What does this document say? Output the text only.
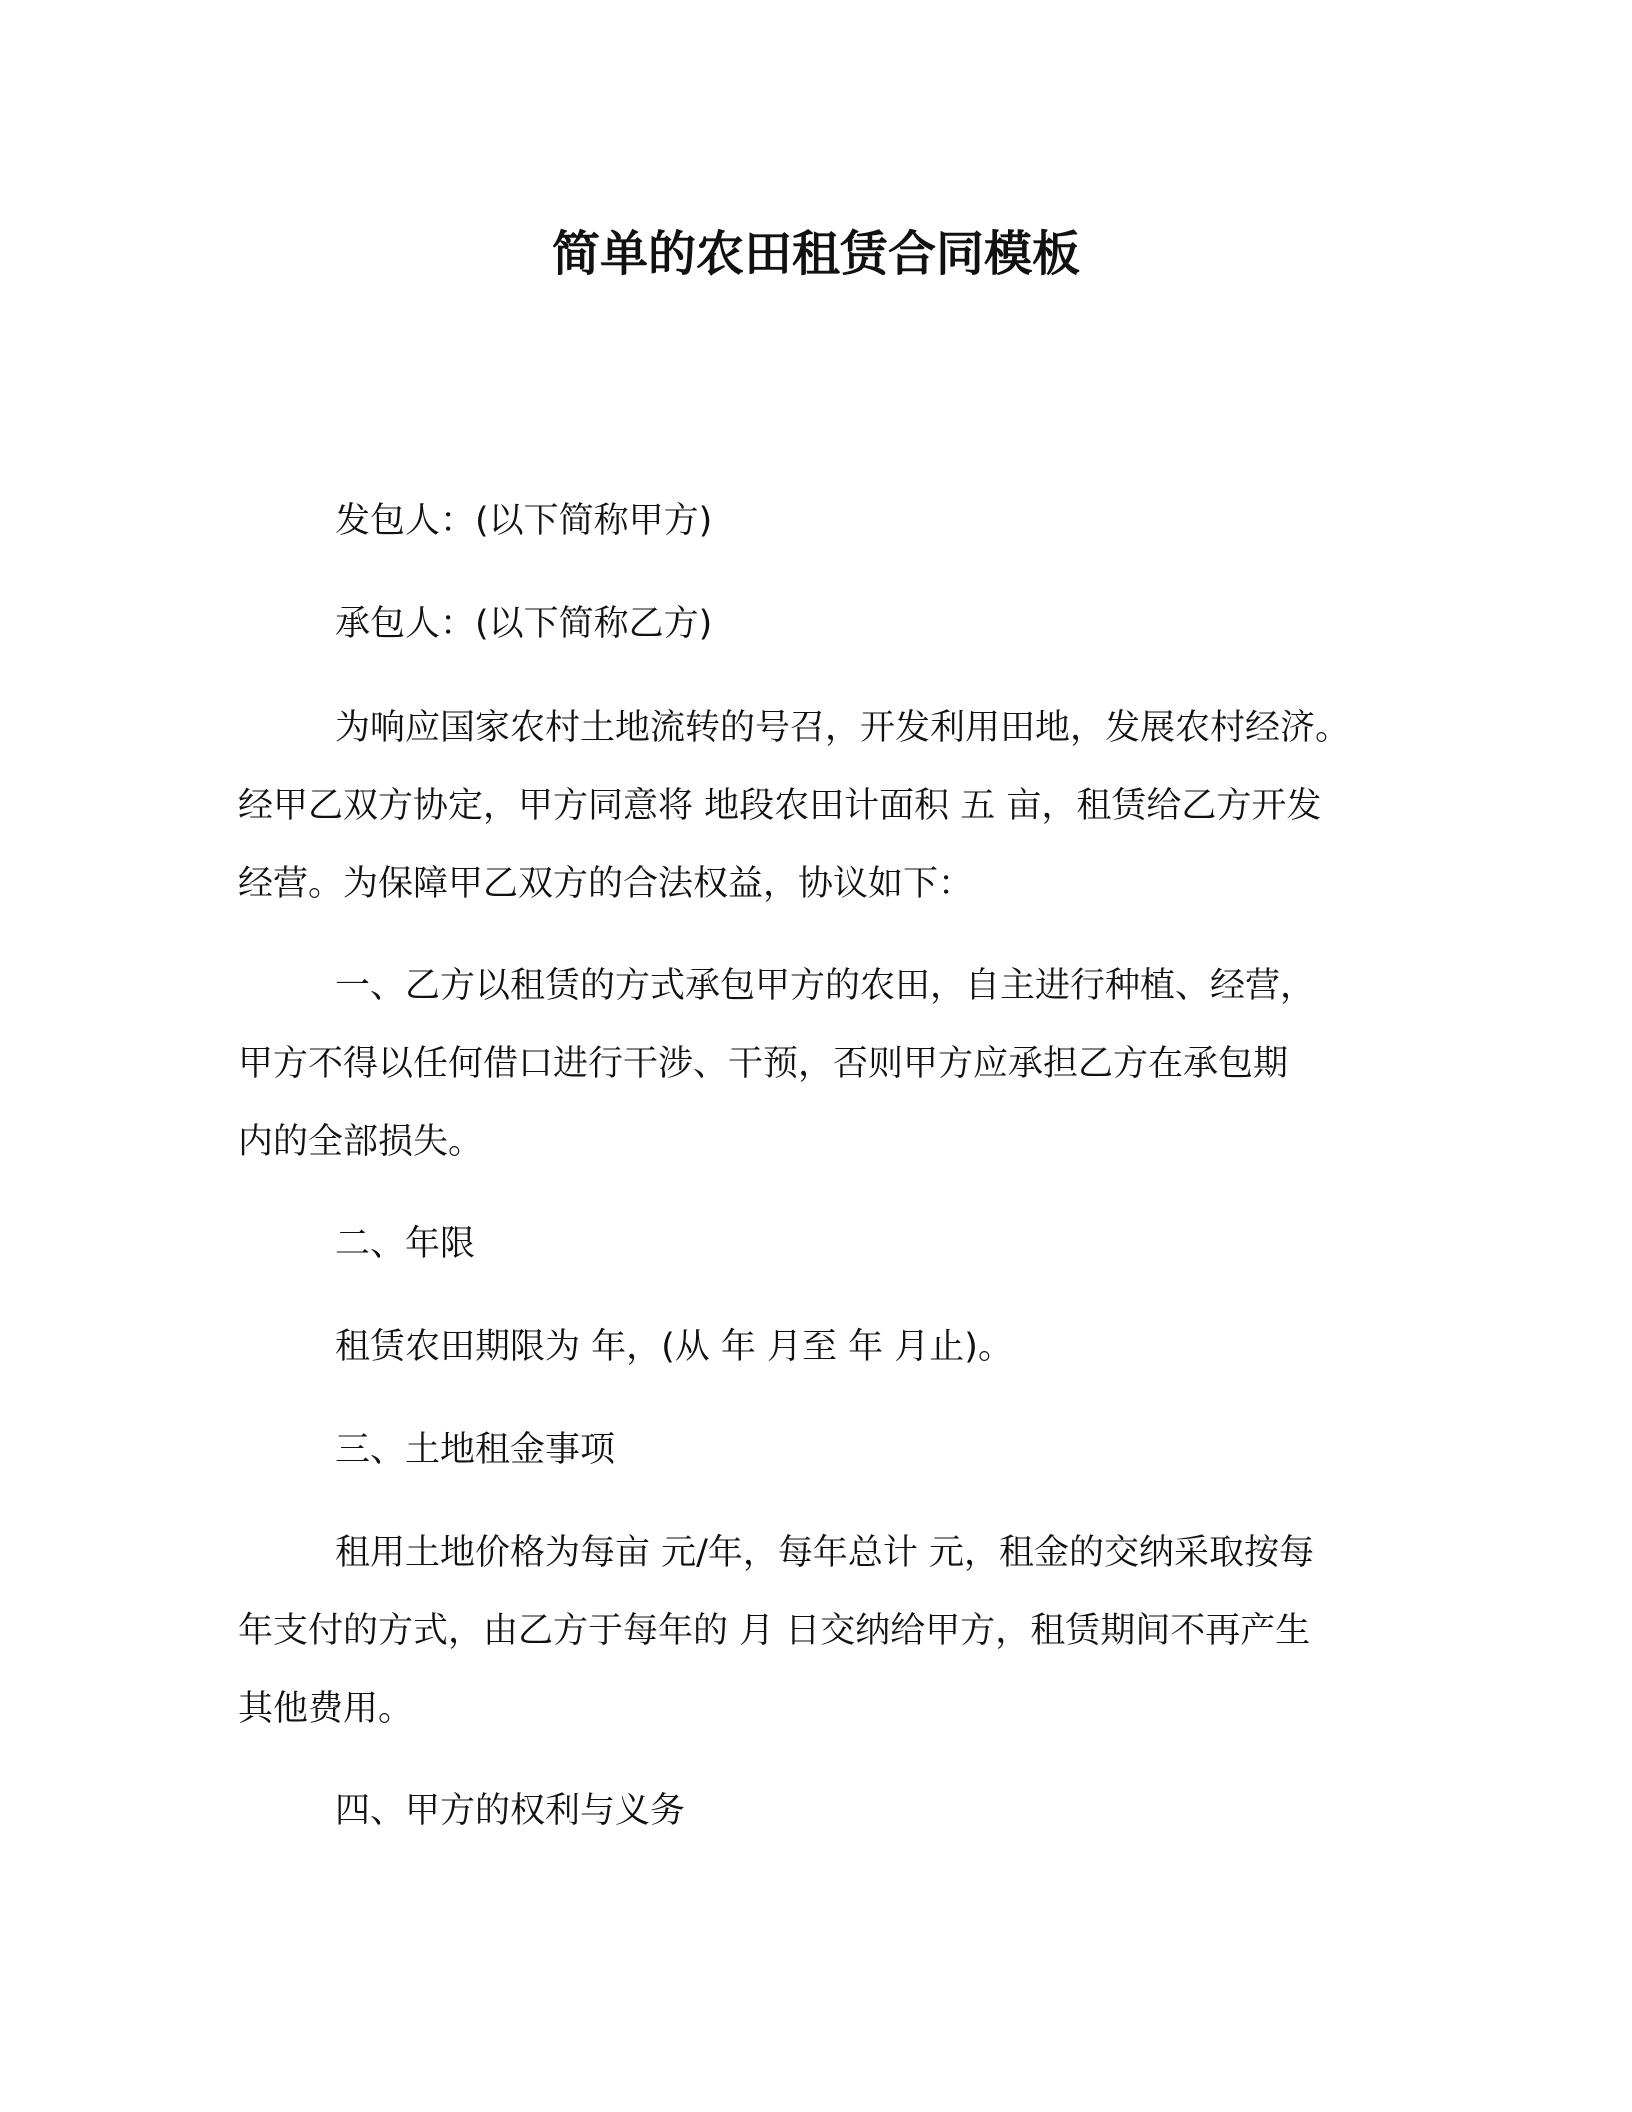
简单的农田租赁合同模板
发包人：(以下简称甲方)
承包人：(以下简称乙方)
为响应国家农村土地流转的号召，开发利用田地，发展农村经济。
经甲乙双方协定，甲方同意将 地段农田计面积 五 亩，租赁给乙方开发
经营。为保障甲乙双方的合法权益，协议如下：
一、乙方以租赁的方式承包甲方的农田，自主进行种植、经营，
甲方不得以任何借口进行干涉、干预，否则甲方应承担乙方在承包期
内的全部损失。
二、年限
租赁农田期限为 年，(从 年 月至 年 月止)。
三、土地租金事项
租用土地价格为每亩 元/年，每年总计 元，租金的交纳采取按每
年支付的方式，由乙方于每年的 月 日交纳给甲方，租赁期间不再产生
其他费用。
四、甲方的权利与义务
